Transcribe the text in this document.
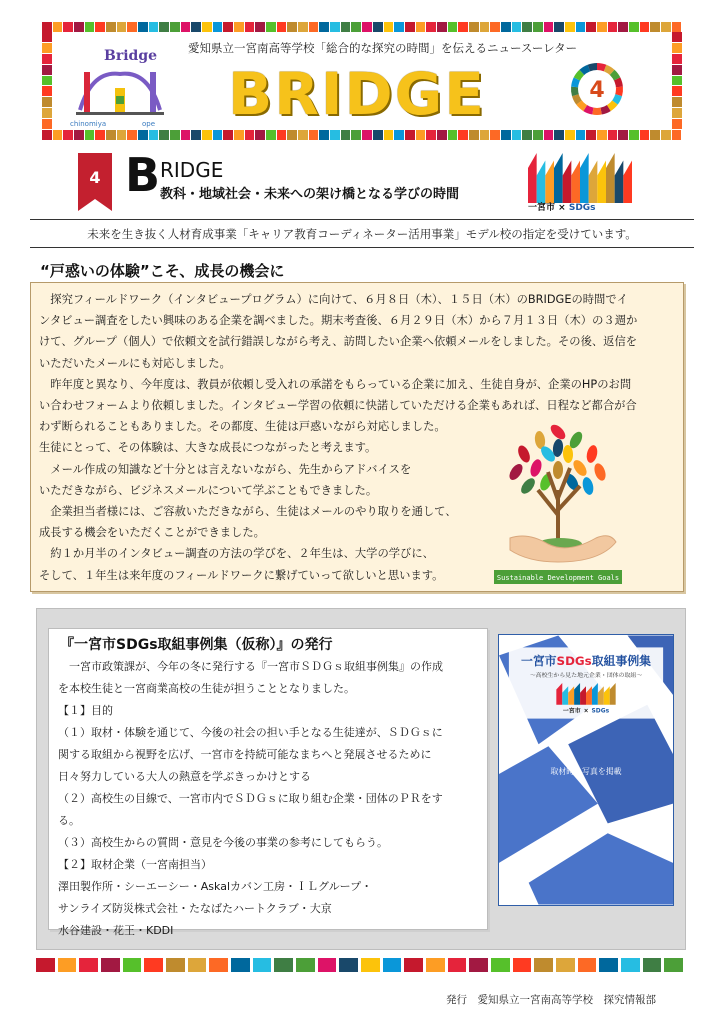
Bridge
chinomiya	ope
愛知県立一宮南高等学校「総合的な探究の時間」を伝えるニュースーレター
BRIDGE	4
4 B RIDGE
教科・地域社会・未来への架け橋となる学びの時間
一宮市 × SDGs
未来を生き抜く人材育成事業「キャリア教育コーディネーター活用事業」モデル校の指定を受けています。
“戸惑いの体験”こそ、成長の機会に

　探究フィールドワーク（インタビュープログラム）に向けて、６月８日（木）、１５日（木）のBRIDGEの時間でイ

ンタビュー調査をしたい興味のある企業を調べました。期末考査後、６月２９日（木）から７月１３日（木）の３週か

けて、グループ（個人）で依頼文を試行錯誤しながら考え、訪問したい企業へ依頼メールをしました。その後、返信を

いただいたメールにも対応しました。

　昨年度と異なり、今年度は、教員が依頼し受入れの承諾をもらっている企業に加え、生徒自身が、企業のHPのお問

い合わせフォームより依頼しました。インタビュー学習の依頼に快諾していただける企業もあれば、日程など都合が合

わず断られることもありました。その都度、生徒は戸惑いながら対応しました。

生徒にとって、その体験は、大きな成長につながったと考えます。

　メール作成の知識など十分とは言えないながら、先生からアドバイスを

いただきながら、ビジネスメールについて学ぶこともできました。

　企業担当者様には、ご容赦いただきながら、生徒はメールのやり取りを通して、

成長する機会をいただくことができました。

　約１か月半のインタビュー調査の方法の学びを、２年生は、大学の学びに、

そして、１年生は来年度のフィールドワークに繋げていって欲しいと思います。	Sustainable Development Goals
『一宮市SDGs取組事例集（仮称）』の発行
　一宮市政策課が、今年の冬に発行する『一宮市ＳＤＧｓ取組事例集』の作成
を本校生徒と一宮商業高校の生徒が担うこととなりました。
【１】目的
（１）取材・体験を通じて、今後の社会の担い手となる生徒達が、ＳＤＧｓに
関する取組から視野を広げ、一宮市を持続可能なまちへと発展させるために
日々努力している大人の熱意を学ぶきっかけとする
（２）高校生の目線で、一宮市内でＳＤＧｓに取り組む企業・団体のＰＲをす
る。
（３）高校生からの質問・意見を今後の事業の参考にしてもらう。
【２】取材企業（一宮南担当）
澤田製作所・シーエーシー・Askalカバン工房・ＩＬグループ・
サンライズ防災株式会社・たなばたハートクラブ・大京
水谷建設・花王・KDDI
一宮市SDGs取組事例集
～高校生から見た地元企業・団体の取組～
一宮市 × SDGs
取材時の写真を掲載
発行　愛知県立一宮南高等学校　探究情報部
